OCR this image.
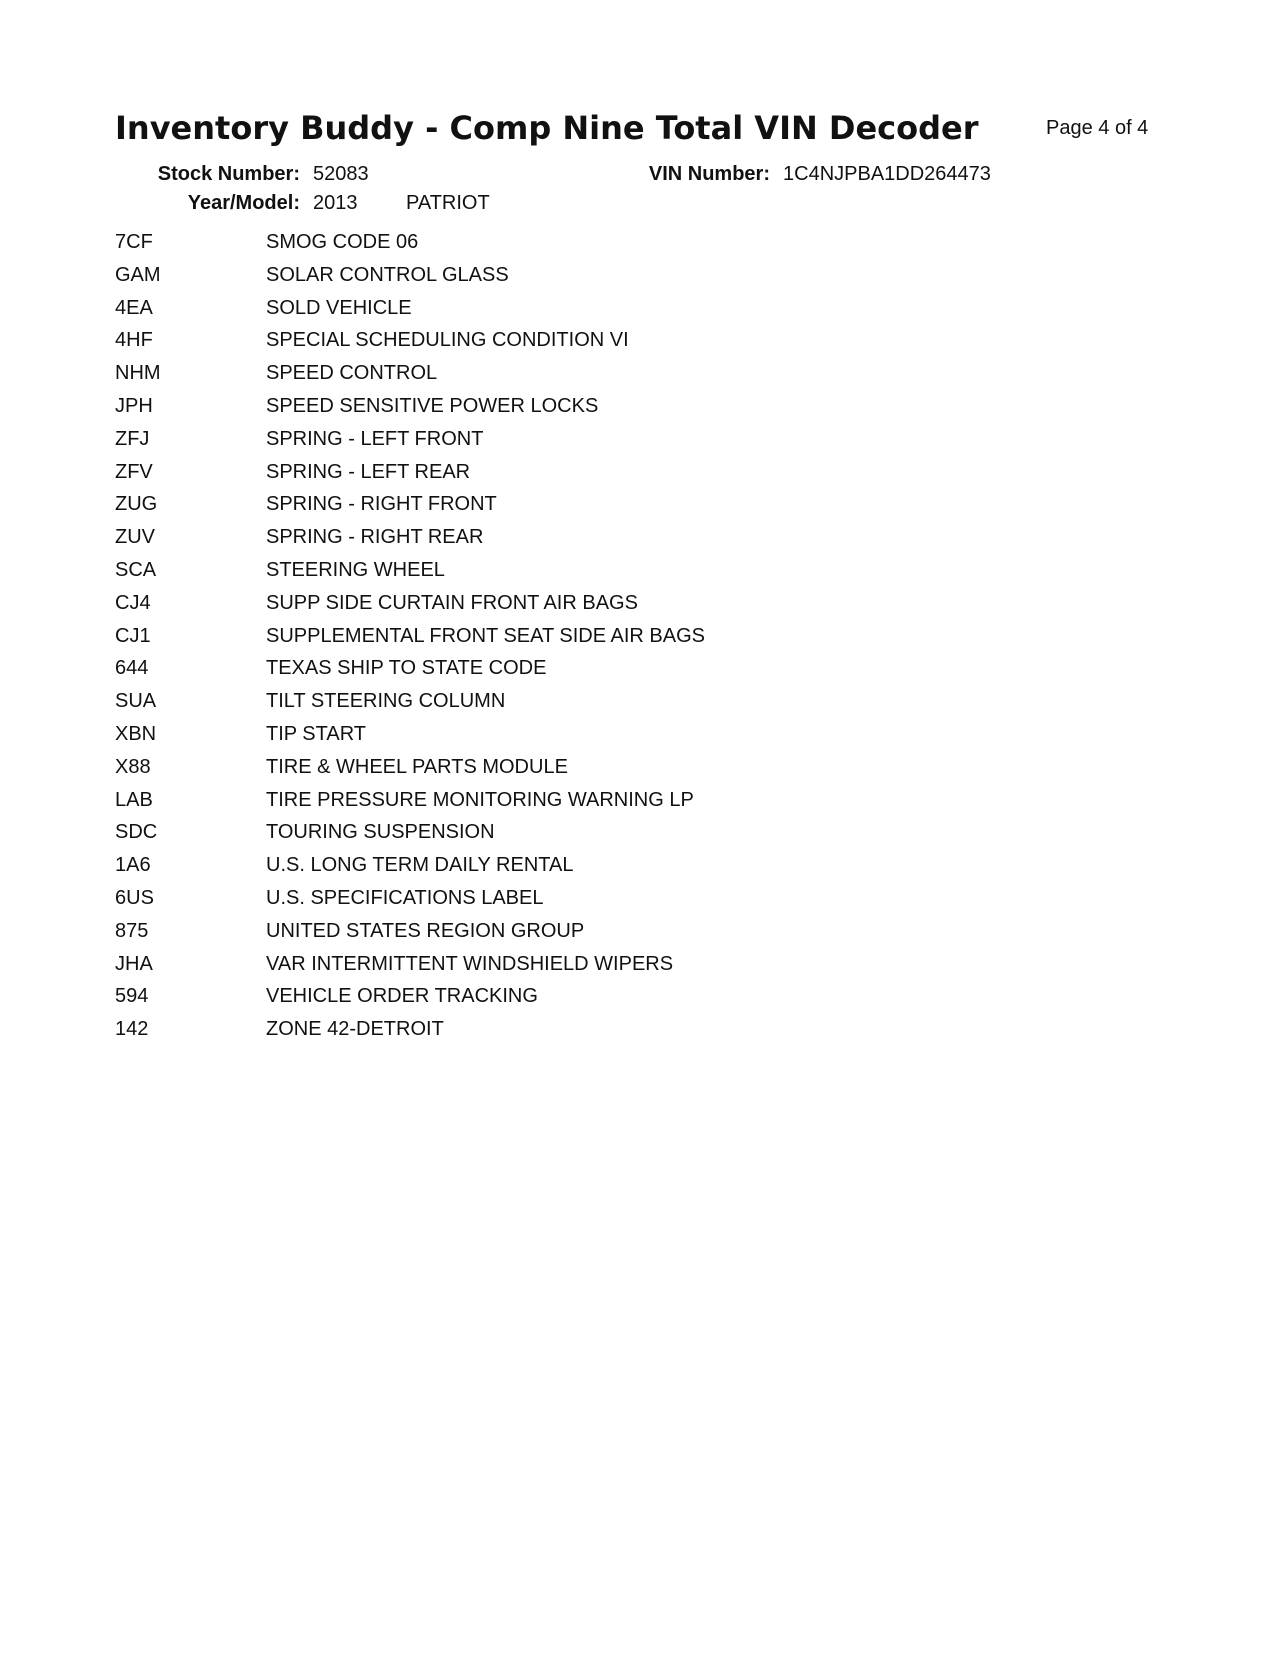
Inventory Buddy - Comp Nine Total VIN Decoder	Page 4 of 4
Stock Number: 52083	VIN Number: 1C4NJPBA1DD264473
Year/Model: 2013 PATRIOT
7CF	SMOG CODE 06
GAM	SOLAR CONTROL GLASS
4EA	SOLD VEHICLE
4HF	SPECIAL SCHEDULING CONDITION VI
NHM	SPEED CONTROL
JPH	SPEED SENSITIVE POWER LOCKS
ZFJ	SPRING - LEFT FRONT
ZFV	SPRING - LEFT REAR
ZUG	SPRING - RIGHT FRONT
ZUV	SPRING - RIGHT REAR
SCA	STEERING WHEEL
CJ4	SUPP SIDE CURTAIN FRONT AIR BAGS
CJ1	SUPPLEMENTAL FRONT SEAT SIDE AIR BAGS
644	TEXAS SHIP TO STATE CODE
SUA	TILT STEERING COLUMN
XBN	TIP START
X88	TIRE & WHEEL PARTS MODULE
LAB	TIRE PRESSURE MONITORING WARNING LP
SDC	TOURING SUSPENSION
1A6	U.S. LONG TERM DAILY RENTAL
6US	U.S. SPECIFICATIONS LABEL
875	UNITED STATES REGION GROUP
JHA	VAR INTERMITTENT WINDSHIELD WIPERS
594	VEHICLE ORDER TRACKING
142	ZONE 42-DETROIT
